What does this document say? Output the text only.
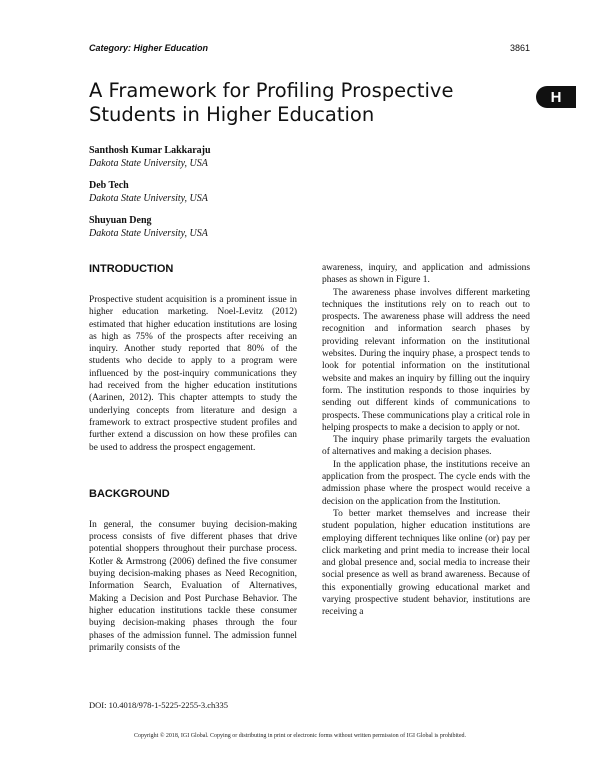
Category: Higher Education	3861
H
A Framework for Profiling Prospective Students in Higher Education
Santhosh Kumar Lakkaraju
Dakota State University, USA
Deb Tech
Dakota State University, USA
Shuyuan Deng
Dakota State University, USA
INTRODUCTION

Prospective student acquisition is a prominent issue in higher education marketing. Noel-Levitz (2012) estimated that higher education institutions are losing as high as 75% of the prospects after receiving an inquiry. Another study reported that 80% of the students who decide to apply to a program were influenced by the post-inquiry communications they had received from the higher education institutions (Aarinen, 2012). This chapter attempts to study the underlying concepts from literature and design a framework to extract prospective student profiles and further extend a discussion on how these profiles can be used to address the prospect engagement.

BACKGROUND

In general, the consumer buying decision-making process consists of five different phases that drive potential shoppers throughout their purchase process. Kotler & Armstrong (2006) defined the five consumer buying decision-making phases as Need Recognition, Information Search, Evaluation of Alternatives, Making a Decision and Post Purchase Behavior. The higher education institutions tackle these consumer buying decision-making phases through the four phases of the admission funnel. The admission funnel primarily consists of the

awareness, inquiry, and application and admissions phases as shown in Figure 1.

The awareness phase involves different marketing techniques the institutions rely on to reach out to prospects. The awareness phase will address the need recognition and information search phases by providing relevant information on the institutional websites. During the inquiry phase, a prospect tends to look for potential information on the institutional website and makes an inquiry by filling out the inquiry form. The institution responds to those inquiries by sending out different kinds of communications to prospects. These communications play a critical role in helping prospects to make a decision to apply or not.

The inquiry phase primarily targets the evaluation of alternatives and making a decision phases.

In the application phase, the institutions receive an application from the prospect. The cycle ends with the admission phase where the prospect would receive a decision on the application from the Institution.

To better market themselves and increase their student population, higher education institutions are employing different techniques like online (or) pay per click marketing and print media to increase their local and global presence and, social media to increase their social presence as well as brand awareness. Because of this exponentially growing educational market and varying prospective student behavior, institutions are receiving a

DOI: 10.4018/978-1-5225-2255-3.ch335
Copyright © 2018, IGI Global. Copying or distributing in print or electronic forms without written permission of IGI Global is prohibited.
